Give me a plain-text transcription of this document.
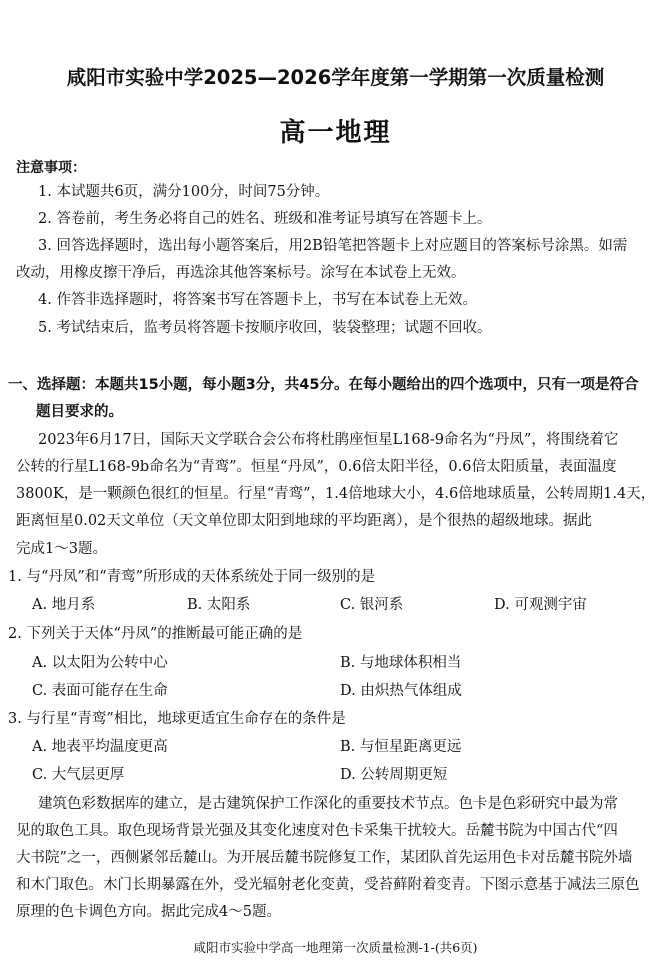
咸阳市实验中学2025—2026学年度第一学期第一次质量检测
高一地理
注意事项：
1. 本试题共6页，满分100分，时间75分钟。
2. 答卷前，考生务必将自己的姓名、班级和准考证号填写在答题卡上。
3. 回答选择题时，选出每小题答案后，用2B铅笔把答题卡上对应题目的答案标号涂黑。如需
改动，用橡皮擦干净后，再选涂其他答案标号。涂写在本试卷上无效。
4. 作答非选择题时，将答案书写在答题卡上，书写在本试卷上无效。
5. 考试结束后，监考员将答题卡按顺序收回，装袋整理；试题不回收。
一、选择题：本题共15小题，每小题3分，共45分。在每小题给出的四个选项中，只有一项是符合
题目要求的。
2023年6月17日，国际天文学联合会公布将杜鹃座恒星L168-9命名为“丹凤”，将围绕着它
公转的行星L168-9b命名为“青鸾”。恒星“丹凤”，0.6倍太阳半径，0.6倍太阳质量，表面温度
3800K，是一颗颜色很红的恒星。行星“青鸾”，1.4倍地球大小，4.6倍地球质量，公转周期1.4天，
距离恒星0.02天文单位（天文单位即太阳到地球的平均距离），是个很热的超级地球。据此
完成1～3题。
1. 与“丹凤”和“青鸾”所形成的天体系统处于同一级别的是
A. 地月系	B. 太阳系	C. 银河系	D. 可观测宇宙
2. 下列关于天体“丹凤”的推断最可能正确的是
A. 以太阳为公转中心	B. 与地球体积相当
C. 表面可能存在生命	D. 由炽热气体组成
3. 与行星“青鸾”相比，地球更适宜生命存在的条件是
A. 地表平均温度更高	B. 与恒星距离更远
C. 大气层更厚	D. 公转周期更短
建筑色彩数据库的建立，是古建筑保护工作深化的重要技术节点。色卡是色彩研究中最为常
见的取色工具。取色现场背景光强及其变化速度对色卡采集干扰较大。岳麓书院为中国古代“四
大书院”之一，西侧紧邻岳麓山。为开展岳麓书院修复工作，某团队首先运用色卡对岳麓书院外墙
和木门取色。木门长期暴露在外，受光辐射老化变黄，受苔藓附着变青。下图示意基于减法三原色
原理的色卡调色方向。据此完成4～5题。
咸阳市实验中学高一地理第一次质量检测-1-(共6页)
